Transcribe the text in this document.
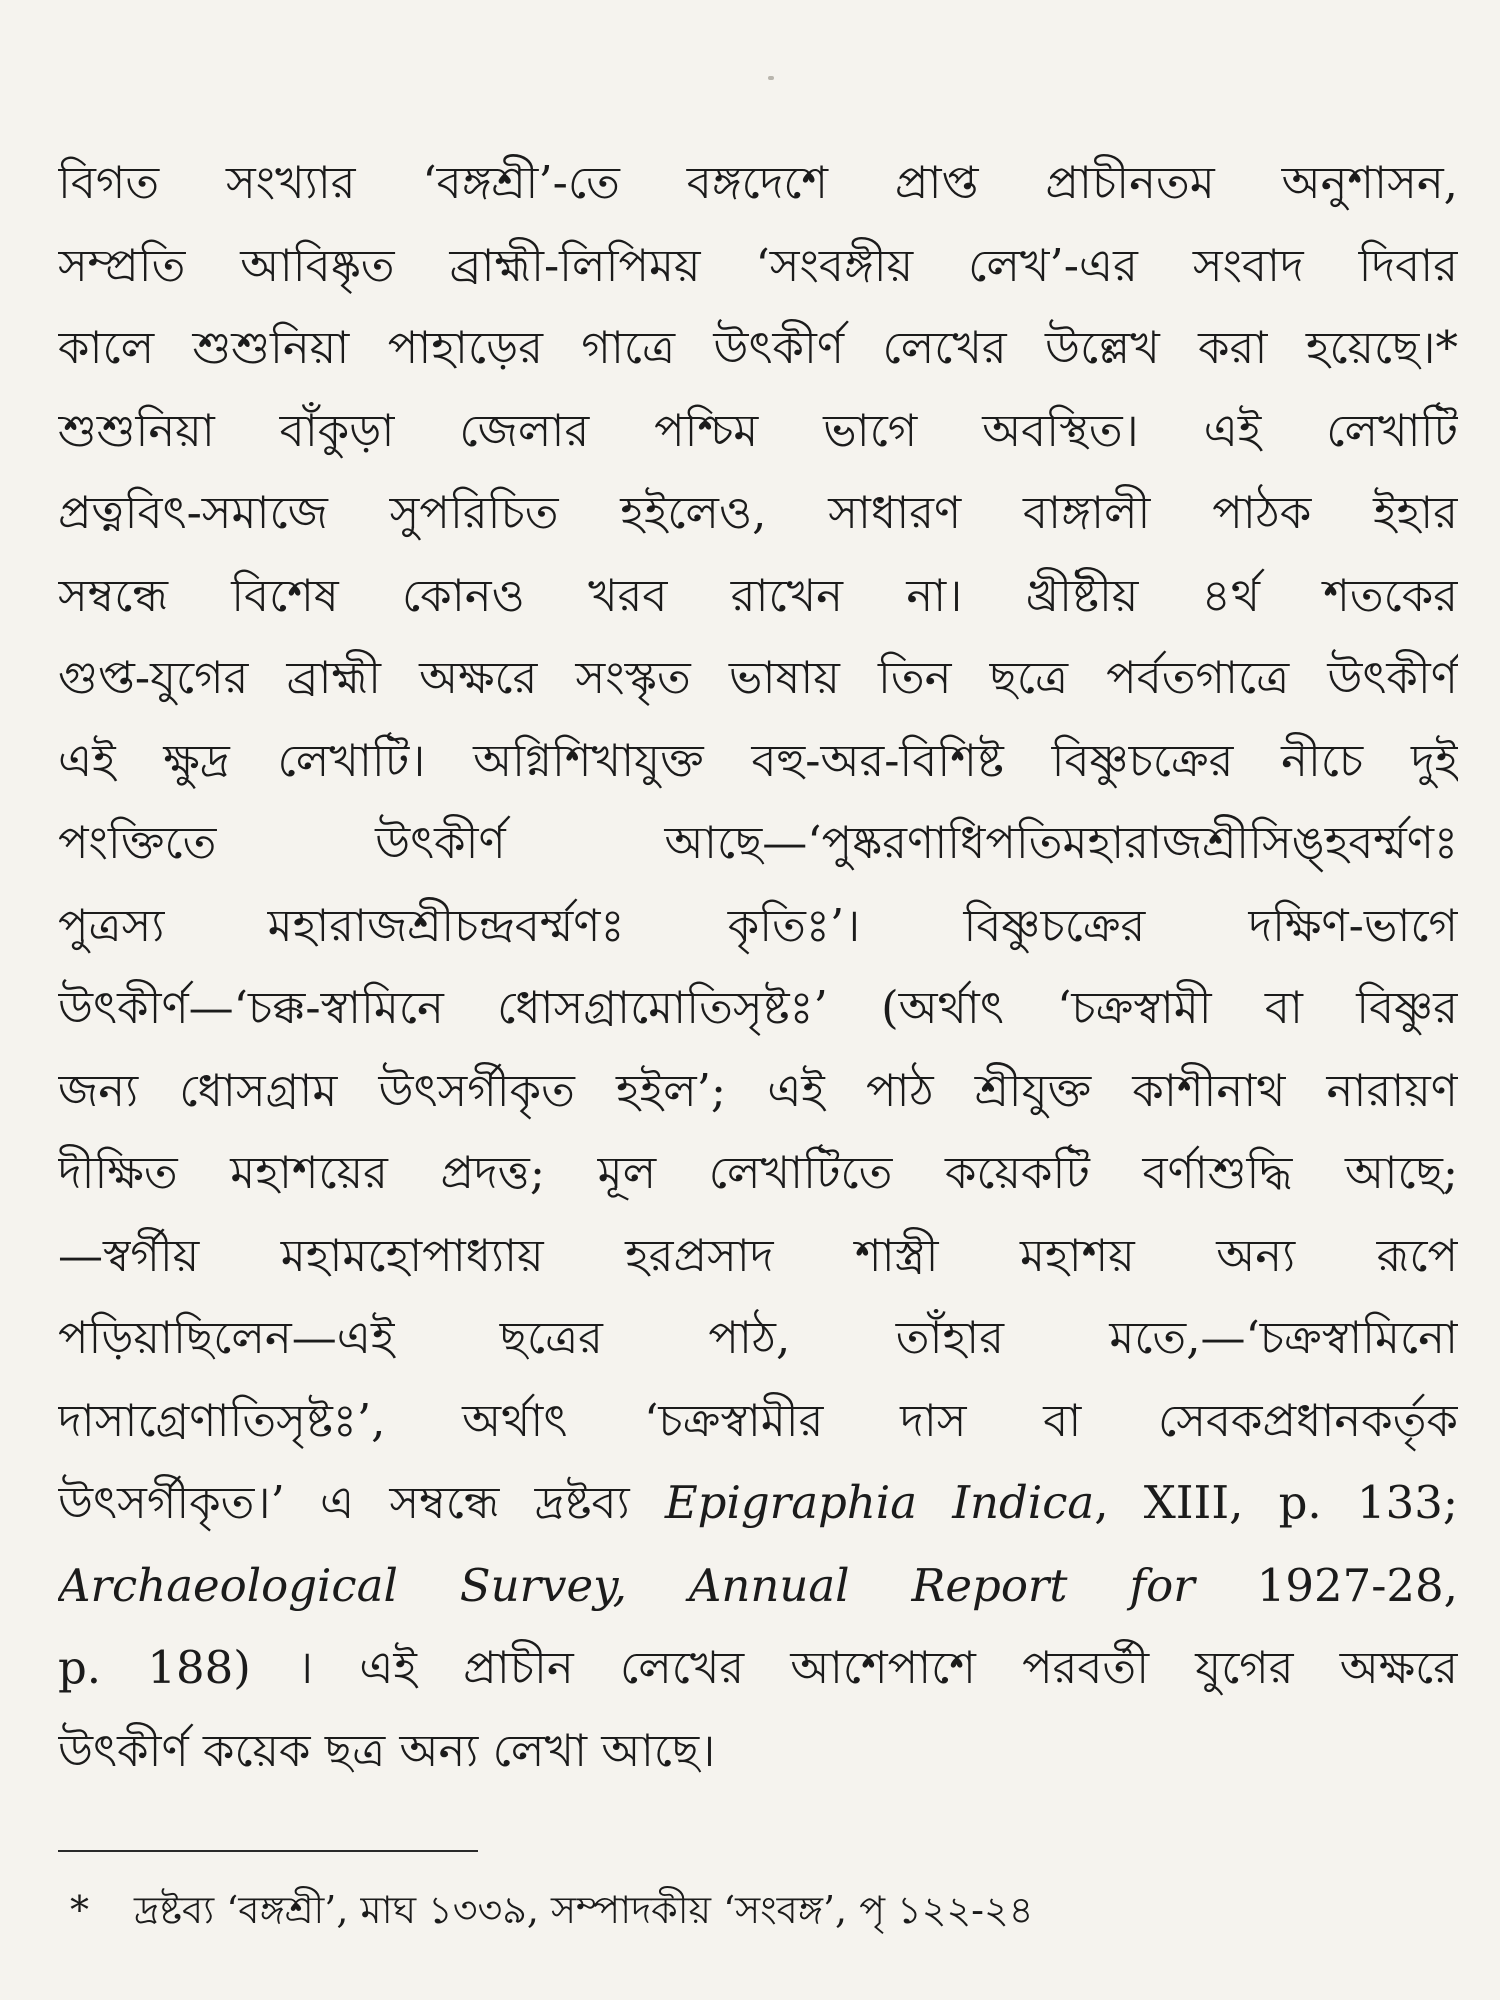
বিগত সংখ্যার ‘বঙ্গশ্রী’-তে বঙ্গদেশে প্রাপ্ত প্রাচীনতম অনুশাসন,
সম্প্রতি আবিষ্কৃত ব্রাহ্মী-লিপিময় ‘সংবঙ্গীয় লেখ’-এর সংবাদ দিবার
কালে শুশুনিয়া পাহাড়ের গাত্রে উৎকীর্ণ লেখের উল্লেখ করা হয়েছে।*
শুশুনিয়া বাঁকুড়া জেলার পশ্চিম ভাগে অবস্থিত। এই লেখাটি
প্রত্নবিৎ-সমাজে সুপরিচিত হইলেও, সাধারণ বাঙ্গালী পাঠক ইহার
সম্বন্ধে বিশেষ কোনও খরব রাখেন না। খ্রীষ্টীয় ৪র্থ শতকের
গুপ্ত-যুগের ব্রাহ্মী অক্ষরে সংস্কৃত ভাষায় তিন ছত্রে পর্বতগাত্রে উৎকীর্ণ
এই ক্ষুদ্র লেখাটি। অগ্নিশিখাযুক্ত বহু-অর-বিশিষ্ট বিষ্ণুচক্রের নীচে দুই
পংক্তিতে উৎকীর্ণ আছে—‘পুষ্করণাধিপতিমহারাজশ্রীসিঙ্হবর্ম্মণঃ
পুত্রস্য মহারাজশ্রীচন্দ্রবর্ম্মণঃ কৃতিঃ’। বিষ্ণুচক্রের দক্ষিণ-ভাগে
উৎকীর্ণ—‘চক্ক-স্বামিনে ধোসগ্রামোতিসৃষ্টঃ’ (অর্থাৎ ‘চক্রস্বামী বা বিষ্ণুর
জন্য ধোসগ্রাম উৎসর্গীকৃত হইল’; এই পাঠ শ্রীযুক্ত কাশীনাথ নারায়ণ
দীক্ষিত মহাশয়ের প্রদত্ত; মূল লেখাটিতে কয়েকটি বর্ণাশুদ্ধি আছে;
—স্বর্গীয় মহামহোপাধ্যায় হরপ্রসাদ শাস্ত্রী মহাশয় অন্য রূপে
পড়িয়াছিলেন—এই ছত্রের পাঠ, তাঁহার মতে,—‘চক্রস্বামিনো
দাসাগ্রেণাতিসৃষ্টঃ’, অর্থাৎ ‘চক্রস্বামীর দাস বা সেবকপ্রধানকর্তৃক
উৎসর্গীকৃত।’ এ সম্বন্ধে দ্রষ্টব্য Epigraphia Indica, XIII, p. 133;
Archaeological Survey, Annual Report for 1927-28,
p. 188) । এই প্রাচীন লেখের আশেপাশে পরবর্তী যুগের অক্ষরে
উৎকীর্ণ কয়েক ছত্র অন্য লেখা আছে।
* দ্রষ্টব্য ‘বঙ্গশ্রী’, মাঘ ১৩৩৯, সম্পাদকীয় ‘সংবঙ্গ’, পৃ ১২২-২৪
